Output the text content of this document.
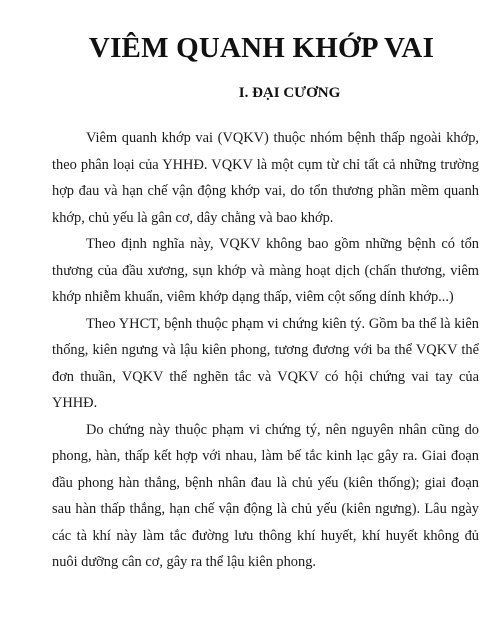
VIÊM QUANH KHỚP VAI
I. ĐẠI CƯƠNG

Viêm quanh khớp vai (VQKV) thuộc nhóm bệnh thấp ngoài khớp, theo phân loại của YHHĐ. VQKV là một cụm từ chỉ tất cả những trường hợp đau và hạn chế vận động khớp vai, do tổn thương phần mềm quanh khớp, chủ yếu là gân cơ, dây chằng và bao khớp.

Theo định nghĩa này, VQKV không bao gồm những bệnh có tổn thương của đầu xương, sụn khớp và màng hoạt dịch (chấn thương, viêm khớp nhiễm khuẩn, viêm khớp dạng thấp, viêm cột sống dính khớp...)

Theo YHCT, bệnh thuộc phạm vi chứng kiên tý. Gồm ba thể là kiên thống, kiên ngưng và lậu kiên phong, tương đương với ba thể VQKV thể đơn thuần, VQKV thể nghẽn tắc và VQKV có hội chứng vai tay của YHHĐ.

Do chứng này thuộc phạm vi chứng tý, nên nguyên nhân cũng do phong, hàn, thấp kết hợp với nhau, làm bế tắc kinh lạc gây ra. Giai đoạn đầu phong hàn thắng, bệnh nhân đau là chủ yếu (kiên thống); giai đoạn sau hàn thấp thắng, hạn chế vận động là chủ yếu (kiên ngưng). Lâu ngày các tà khí này làm tắc đường lưu thông khí huyết, khí huyết không đủ nuôi dưỡng cân cơ, gây ra thể lậu kiên phong.
